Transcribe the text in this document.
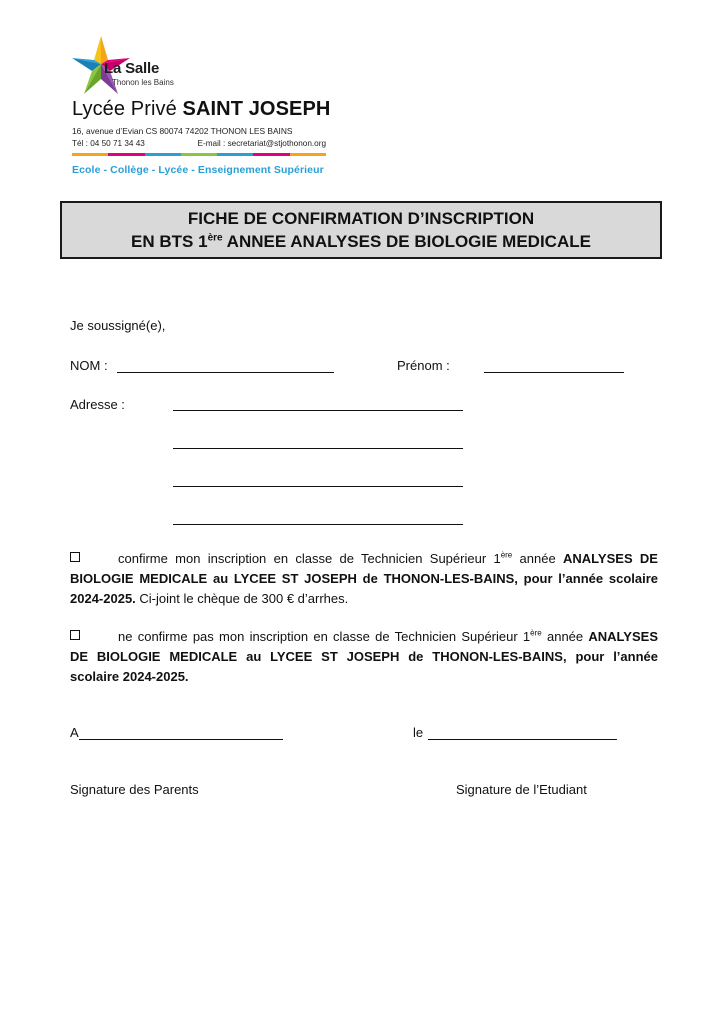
La Salle
Thonon les Bains
Lycée Privé SAINT JOSEPH
16, avenue d’Evian CS 80074 74202 THONON LES BAINS
Tél : 04 50 71 34 43	E-mail : secretariat@stjothonon.org
Ecole - Collège - Lycée - Enseignement Supérieur
FICHE DE CONFIRMATION D’INSCRIPTION
EN BTS 1ère ANNEE ANALYSES DE BIOLOGIE MEDICALE
Je soussigné(e),
NOM :	Prénom :
Adresse :
confirme mon inscription en classe de Technicien Supérieur 1ère année ANALYSES DE BIOLOGIE MEDICALE au LYCEE ST JOSEPH de THONON-LES-BAINS, pour l’année scolaire 2024-2025. Ci-joint le chèque de 300 € d’arrhes.
ne confirme pas mon inscription en classe de Technicien Supérieur 1ère année ANALYSES DE BIOLOGIE MEDICALE au LYCEE ST JOSEPH de THONON-LES-BAINS, pour l’année scolaire 2024-2025.
A	le
Signature des Parents	Signature de l’Etudiant
